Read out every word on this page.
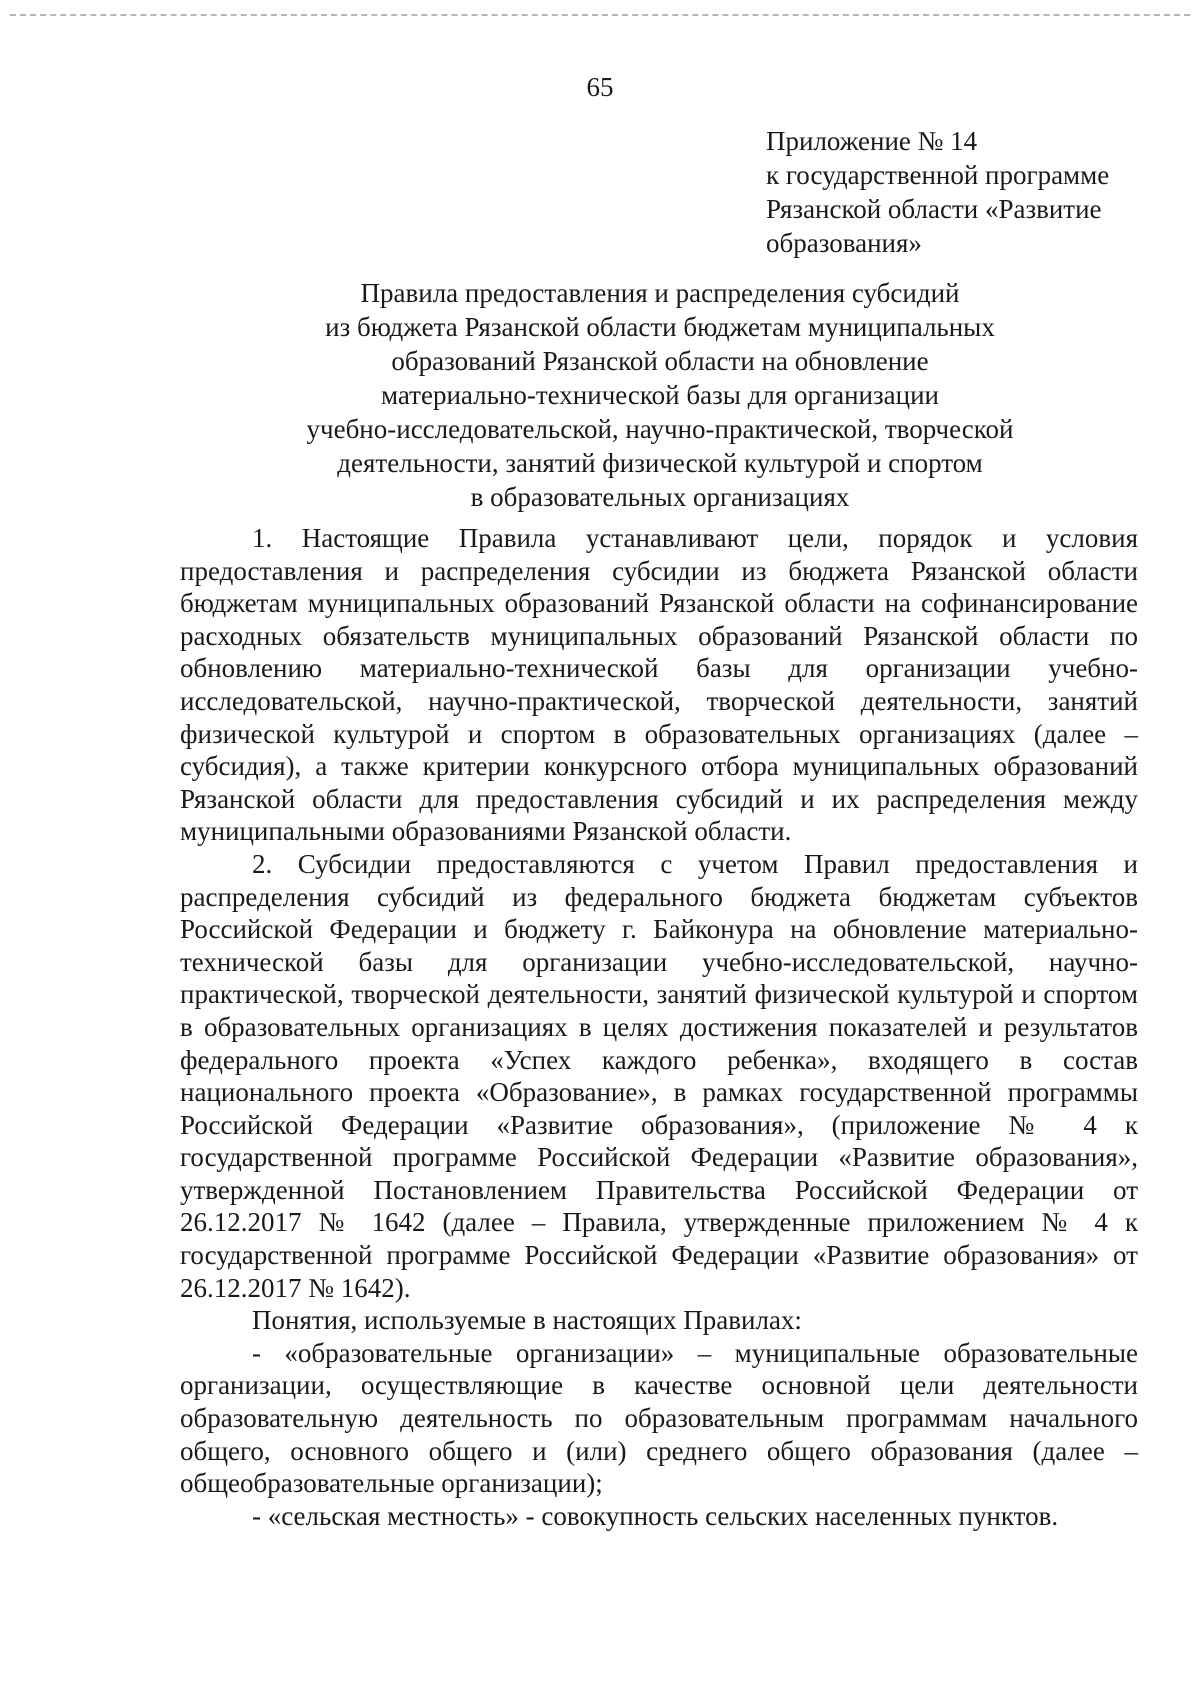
65
Приложение № 14
к государственной программе
Рязанской области «Развитие
образования»
Правила предоставления и распределения субсидий
из бюджета Рязанской области бюджетам муниципальных
образований Рязанской области на обновление
материально-технической базы для организации
учебно-исследовательской, научно-практической, творческой
деятельности, занятий физической культурой и спортом
в образовательных организациях

1. Настоящие Правила устанавливают цели, порядок и условия предоставления и распределения субсидии из бюджета Рязанской области бюджетам муниципальных образований Рязанской области на софинансирование расходных обязательств муниципальных образований Рязанской области по обновлению материально-технической базы для организации учебно-исследовательской, научно-практической, творческой деятельности, занятий физической культурой и спортом в образовательных организациях (далее – субсидия), а также критерии конкурсного отбора муниципальных образований Рязанской области для предоставления субсидий и их распределения между муниципальными образованиями Рязанской области.

2. Субсидии предоставляются с учетом Правил предоставления и распределения субсидий из федерального бюджета бюджетам субъектов Российской Федерации и бюджету г. Байконура на обновление материально-технической базы для организации учебно-исследовательской, научно-практической, творческой деятельности, занятий физической культурой и спортом в образовательных организациях в целях достижения показателей и результатов федерального проекта «Успех каждого ребенка», входящего в состав национального проекта «Образование», в рамках государственной программы Российской Федерации «Развитие образования», (приложение № 4 к государственной программе Российской Федерации «Развитие образования», утвержденной Постановлением Правительства Российской Федерации от 26.12.2017 № 1642 (далее – Правила, утвержденные приложением № 4 к государственной программе Российской Федерации «Развитие образования» от 26.12.2017 № 1642).

Понятия, используемые в настоящих Правилах:

- «образовательные организации» – муниципальные образовательные организации, осуществляющие в качестве основной цели деятельности образовательную деятельность по образовательным программам начального общего, основного общего и (или) среднего общего образования (далее – общеобразовательные организации);

- «сельская местность» - совокупность сельских населенных пунктов.
